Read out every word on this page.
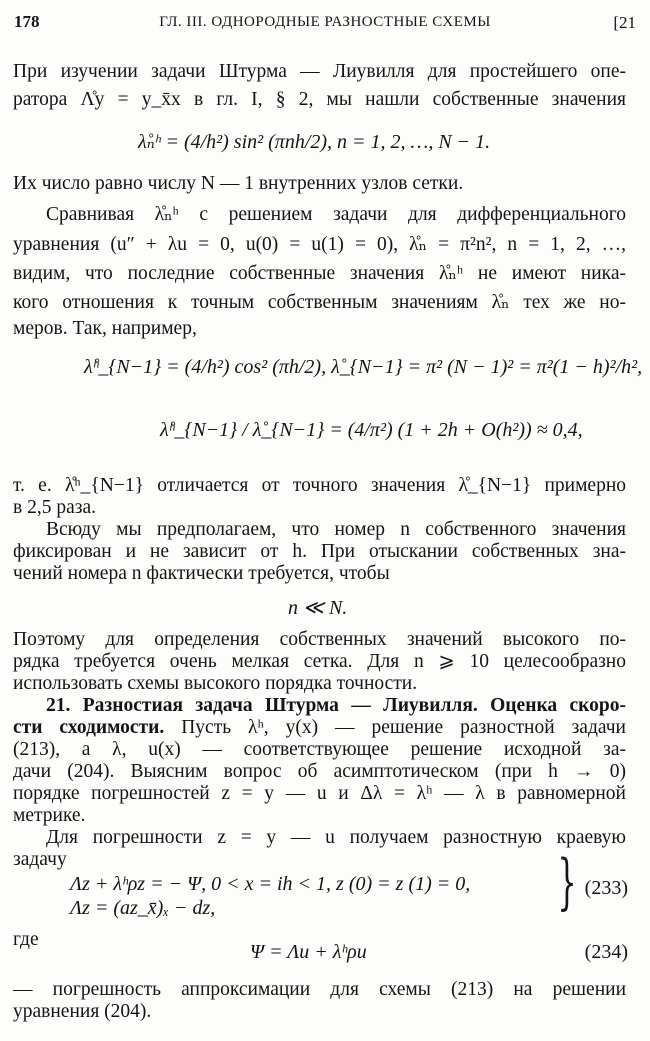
178	ГЛ. III. ОДНОРОДНЫЕ РАЗНОСТНЫЕ СХЕМЫ	[21
При изучении задачи Штурма — Лиувилля для простейшего опе-
ратора Λ̊y = y_x̄x в гл. I, § 2, мы нашли собственные значения
λ̊ₙʰ = (4/h²) sin² (πnh/2), n = 1, 2, …, N − 1.
Их число равно числу N — 1 внутренних узлов сетки.
Сравнивая λ̊ₙʰ с решением задачи для дифференциального
уравнения (u″ + λu = 0, u(0) = u(1) = 0), λ̊ₙ = π²n², n = 1, 2, …,
видим, что последние собственные значения λ̊ₙʰ не имеют ника-
кого отношения к точным собственным значениям λ̊ₙ тех же но-
меров. Так, например,
λ̊ʰ_{N−1} = (4/h²) cos² (πh/2), λ̊_{N−1} = π² (N − 1)² = π²(1 − h)²/h²,
λ̊ʰ_{N−1} / λ̊_{N−1} = (4/π²) (1 + 2h + O(h²)) ≈ 0,4,
т. е. λ̊ʰ_{N−1} отличается от точного значения λ̊_{N−1} примерно
в 2,5 раза.
Всюду мы предполагаем, что номер n собственного значения
фиксирован и не зависит от h. При отыскании собственных зна-
чений номера n фактически требуется, чтобы
n ≪ N.
Поэтому для определения собственных значений высокого по-
рядка требуется очень мелкая сетка. Для n ⩾ 10 целесообразно
использовать схемы высокого порядка точности.
21. Разностиая задача Штурма — Лиувилля. Оценка скоро-
сти сходимости. Пусть λʰ, y(x) — решение разностной задачи
(213), а λ, u(x) — соответствующее решение исходной за-
дачи (204). Выясним вопрос об асимптотическом (при h → 0)
порядке погрешностей z = y — u и Δλ = λʰ — λ в равномерной
метрике.
Для погрешности z = y — u получаем разностную краевую
задачу
Λz + λʰρz = − Ψ, 0 < x = ih < 1, z (0) = z (1) = 0,
Λz = (az_x̄)ₓ − dz,	} (233)
где
Ψ = Λu + λʰρu	(234)
— погрешность аппроксимации для схемы (213) на решении
уравнения (204).
